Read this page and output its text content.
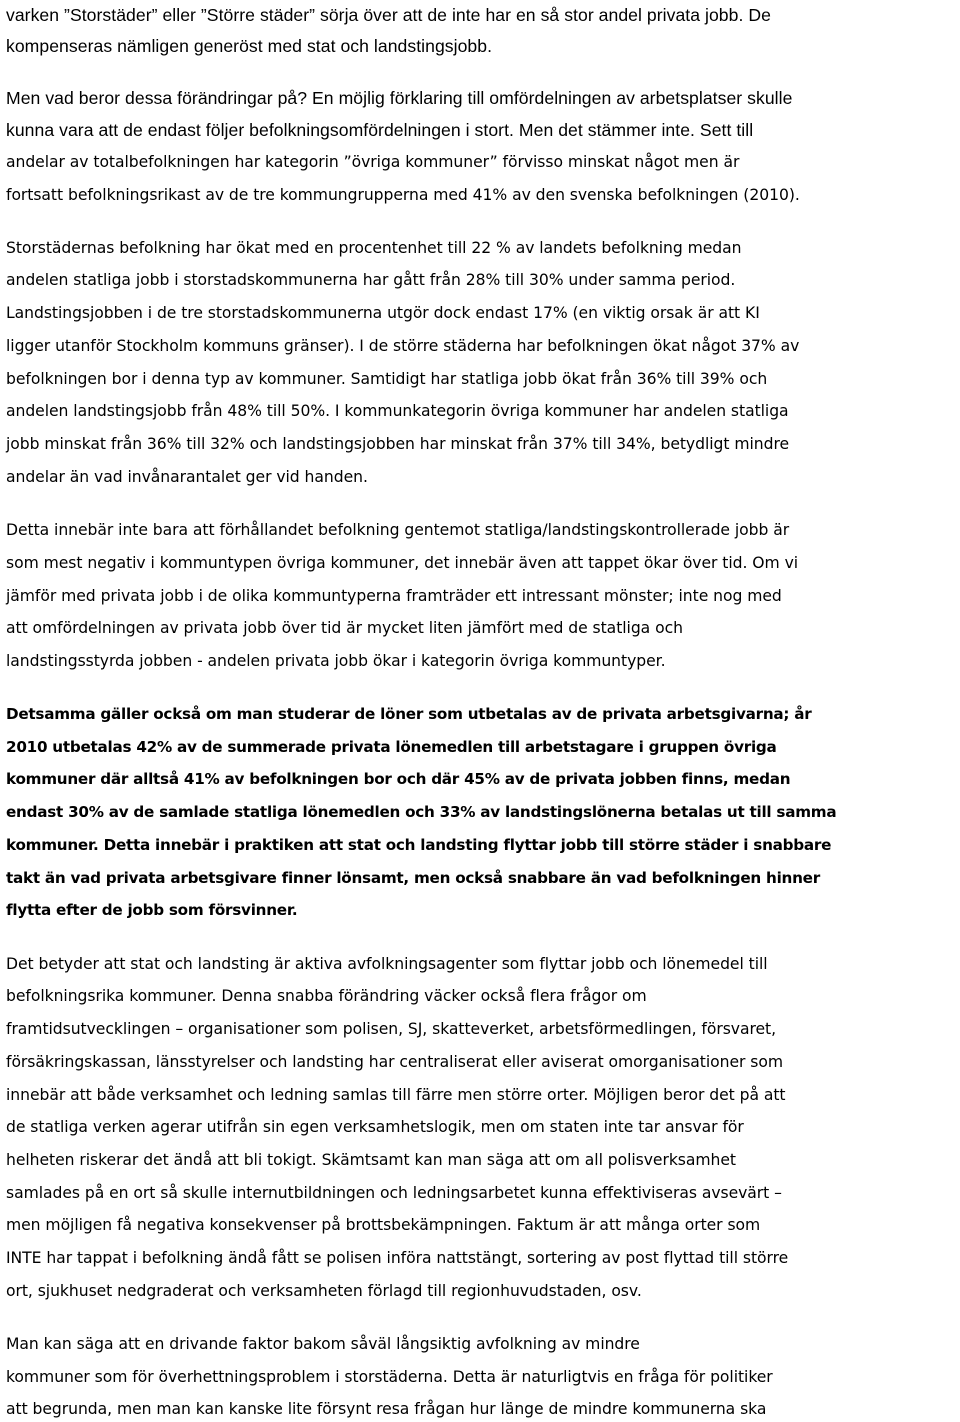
varken ”Storstäder” eller ”Större städer” sörja över att de inte har en så stor andel privata jobb. De
kompenseras nämligen generöst med stat och landstingsjobb.
Men vad beror dessa förändringar på? En möjlig förklaring till omfördelningen av arbetsplatser skulle
kunna vara att de endast följer befolkningsomfördelningen i stort. Men det stämmer inte. Sett till
andelar av totalbefolkningen har kategorin ”övriga kommuner” förvisso minskat något men är
fortsatt befolkningsrikast av de tre kommungrupperna med 41% av den svenska befolkningen (2010).
Storstädernas befolkning har ökat med en procentenhet till 22 % av landets befolkning medan
andelen statliga jobb i storstadskommunerna har gått från 28% till 30% under samma period.
Landstingsjobben i de tre storstadskommunerna utgör dock endast 17% (en viktig orsak är att KI
ligger utanför Stockholm kommuns gränser). I de större städerna har befolkningen ökat något 37% av
befolkningen bor i denna typ av kommuner. Samtidigt har statliga jobb ökat från 36% till 39% och
andelen landstingsjobb från 48% till 50%. I kommunkategorin övriga kommuner har andelen statliga
jobb minskat från 36% till 32% och landstingsjobben har minskat från 37% till 34%, betydligt mindre
andelar än vad invånarantalet ger vid handen.
Detta innebär inte bara att förhållandet befolkning gentemot statliga/landstingskontrollerade jobb är
som mest negativ i kommuntypen övriga kommuner, det innebär även att tappet ökar över tid. Om vi
jämför med privata jobb i de olika kommuntyperna framträder ett intressant mönster; inte nog med
att omfördelningen av privata jobb över tid är mycket liten jämfört med de statliga och
landstingsstyrda jobben - andelen privata jobb ökar i kategorin övriga kommuntyper.
Detsamma gäller också om man studerar de löner som utbetalas av de privata arbetsgivarna; år
2010 utbetalas 42% av de summerade privata lönemedlen till arbetstagare i gruppen övriga
kommuner där alltså 41% av befolkningen bor och där 45% av de privata jobben finns, medan
endast 30% av de samlade statliga lönemedlen och 33% av landstingslönerna betalas ut till samma
kommuner. Detta innebär i praktiken att stat och landsting flyttar jobb till större städer i snabbare
takt än vad privata arbetsgivare finner lönsamt, men också snabbare än vad befolkningen hinner
flytta efter de jobb som försvinner.
Det betyder att stat och landsting är aktiva avfolkningsagenter som flyttar jobb och lönemedel till
befolkningsrika kommuner. Denna snabba förändring väcker också flera frågor om
framtidsutvecklingen – organisationer som polisen, SJ, skatteverket, arbetsförmedlingen, försvaret,
försäkringskassan, länsstyrelser och landsting har centraliserat eller aviserat omorganisationer som
innebär att både verksamhet och ledning samlas till färre men större orter. Möjligen beror det på att
de statliga verken agerar utifrån sin egen verksamhetslogik, men om staten inte tar ansvar för
helheten riskerar det ändå att bli tokigt. Skämtsamt kan man säga att om all polisverksamhet
samlades på en ort så skulle internutbildningen och ledningsarbetet kunna effektiviseras avsevärt –
men möjligen få negativa konsekvenser på brottsbekämpningen. Faktum är att många orter som
INTE har tappat i befolkning ändå fått se polisen införa nattstängt, sortering av post flyttad till större
ort, sjukhuset nedgraderat och verksamheten förlagd till regionhuvudstaden, osv.
Man kan säga att en drivande faktor bakom såväl långsiktig avfolkning av mindre
kommuner som för överhettningsproblem i storstäderna. Detta är naturligtvis en fråga för politiker
att begrunda, men man kan kanske lite försynt resa frågan hur länge de mindre kommunerna ska
